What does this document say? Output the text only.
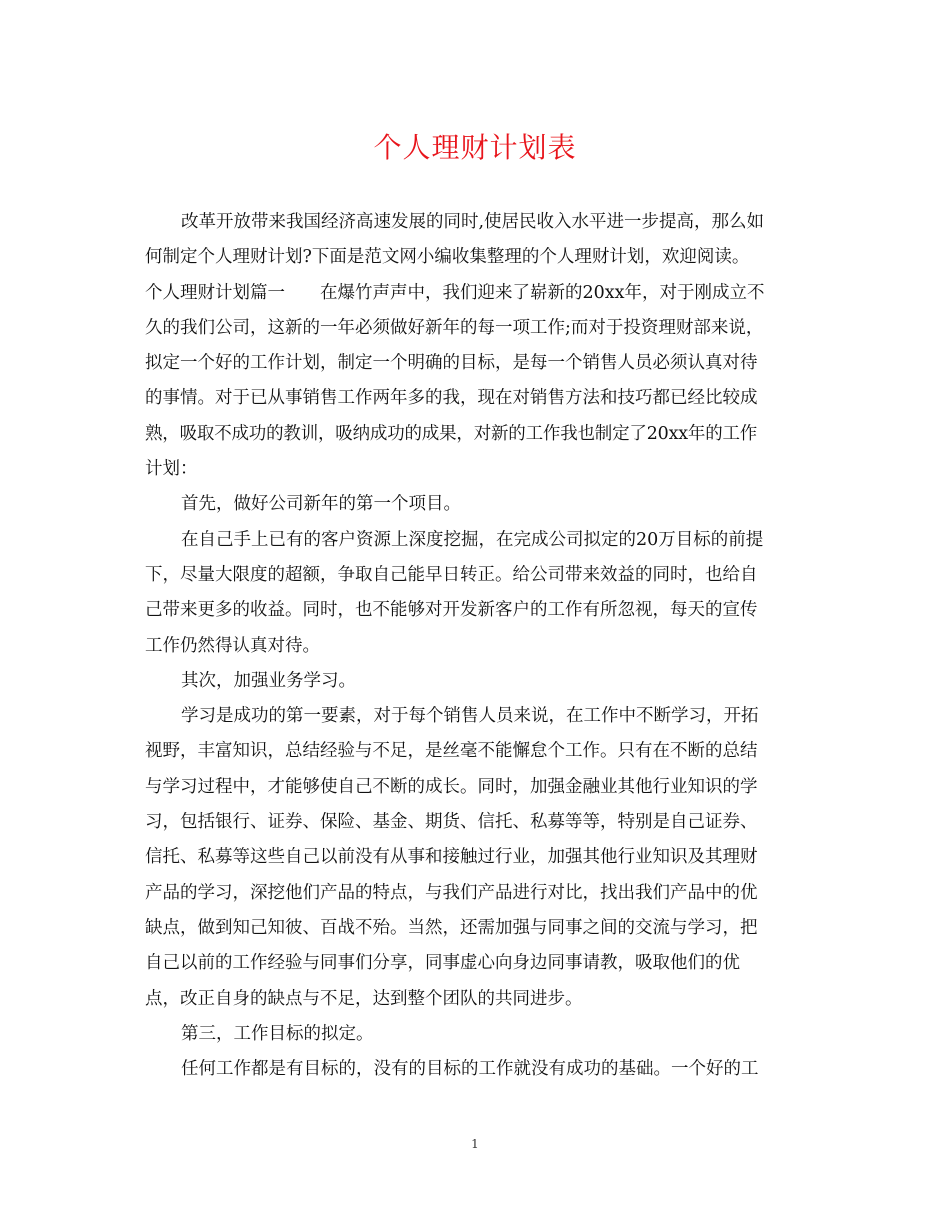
个人理财计划表

改革开放带来我国经济高速发展的同时,使居民收入水平进一步提高，那么如

何制定个人理财计划?下面是范文网小编收集整理的个人理财计划，欢迎阅读。

个人理财计划篇一　　在爆竹声声中，我们迎来了崭新的20xx年，对于刚成立不

久的我们公司，这新的一年必须做好新年的每一项工作;而对于投资理财部来说，

拟定一个好的工作计划，制定一个明确的目标，是每一个销售人员必须认真对待

的事情。对于已从事销售工作两年多的我，现在对销售方法和技巧都已经比较成

熟，吸取不成功的教训，吸纳成功的成果，对新的工作我也制定了20xx年的工作

计划：

首先，做好公司新年的第一个项目。

在自己手上已有的客户资源上深度挖掘，在完成公司拟定的20万目标的前提

下，尽量大限度的超额，争取自己能早日转正。给公司带来效益的同时，也给自

己带来更多的收益。同时，也不能够对开发新客户的工作有所忽视，每天的宣传

工作仍然得认真对待。

其次，加强业务学习。

学习是成功的第一要素，对于每个销售人员来说，在工作中不断学习，开拓

视野，丰富知识，总结经验与不足，是丝毫不能懈怠个工作。只有在不断的总结

与学习过程中，才能够使自己不断的成长。同时，加强金融业其他行业知识的学

习，包括银行、证券、保险、基金、期货、信托、私募等等，特别是自己证券、

信托、私募等这些自己以前没有从事和接触过行业，加强其他行业知识及其理财

产品的学习，深挖他们产品的特点，与我们产品进行对比，找出我们产品中的优

缺点，做到知己知彼、百战不殆。当然，还需加强与同事之间的交流与学习，把

自己以前的工作经验与同事们分享，同事虚心向身边同事请教，吸取他们的优

点，改正自身的缺点与不足，达到整个团队的共同进步。

第三，工作目标的拟定。

任何工作都是有目标的，没有的目标的工作就没有成功的基础。一个好的工

1
